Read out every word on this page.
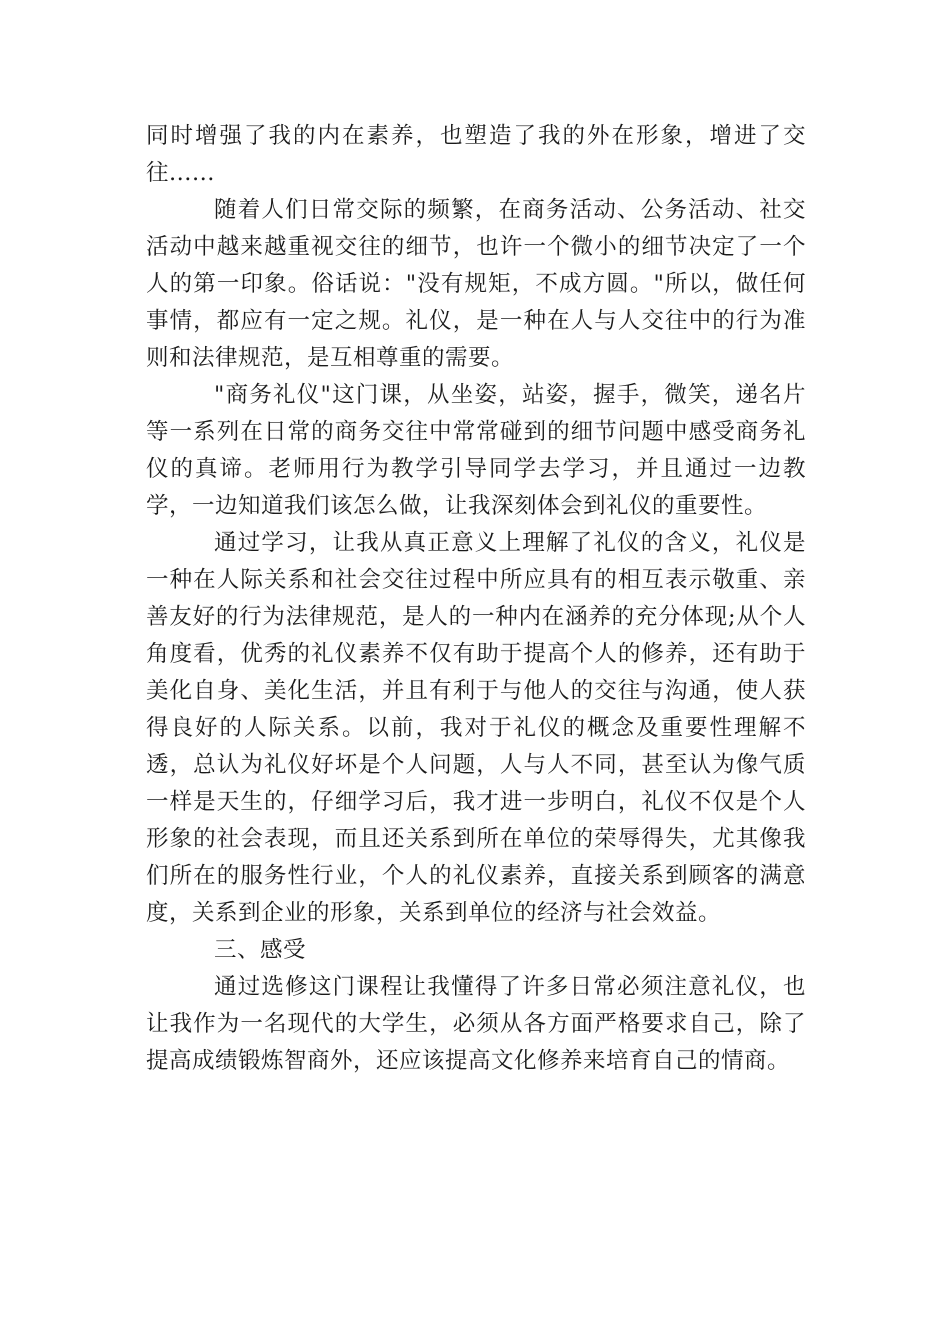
同时增强了我的内在素养，也塑造了我的外在形象，增进了交往......

随着人们日常交际的频繁，在商务活动、公务活动、社交活动中越来越重视交往的细节，也许一个微小的细节决定了一个人的第一印象。俗话说："没有规矩，不成方圆。"所以，做任何事情，都应有一定之规。礼仪，是一种在人与人交往中的行为准则和法律规范，是互相尊重的需要。

"商务礼仪"这门课，从坐姿，站姿，握手，微笑，递名片等一系列在日常的商务交往中常常碰到的细节问题中感受商务礼仪的真谛。老师用行为教学引导同学去学习，并且通过一边教学，一边知道我们该怎么做，让我深刻体会到礼仪的重要性。

通过学习，让我从真正意义上理解了礼仪的含义，礼仪是一种在人际关系和社会交往过程中所应具有的相互表示敬重、亲善友好的行为法律规范，是人的一种内在涵养的充分体现;从个人角度看，优秀的礼仪素养不仅有助于提高个人的修养，还有助于美化自身、美化生活，并且有利于与他人的交往与沟通，使人获得良好的人际关系。以前，我对于礼仪的概念及重要性理解不透，总认为礼仪好坏是个人问题，人与人不同，甚至认为像气质一样是天生的，仔细学习后，我才进一步明白，礼仪不仅是个人形象的社会表现，而且还关系到所在单位的荣辱得失，尤其像我们所在的服务性行业，个人的礼仪素养，直接关系到顾客的满意度，关系到企业的形象，关系到单位的经济与社会效益。

三、感受

通过选修这门课程让我懂得了许多日常必须注意礼仪，也让我作为一名现代的大学生，必须从各方面严格要求自己，除了提高成绩锻炼智商外，还应该提高文化修养来培育自己的情商。
